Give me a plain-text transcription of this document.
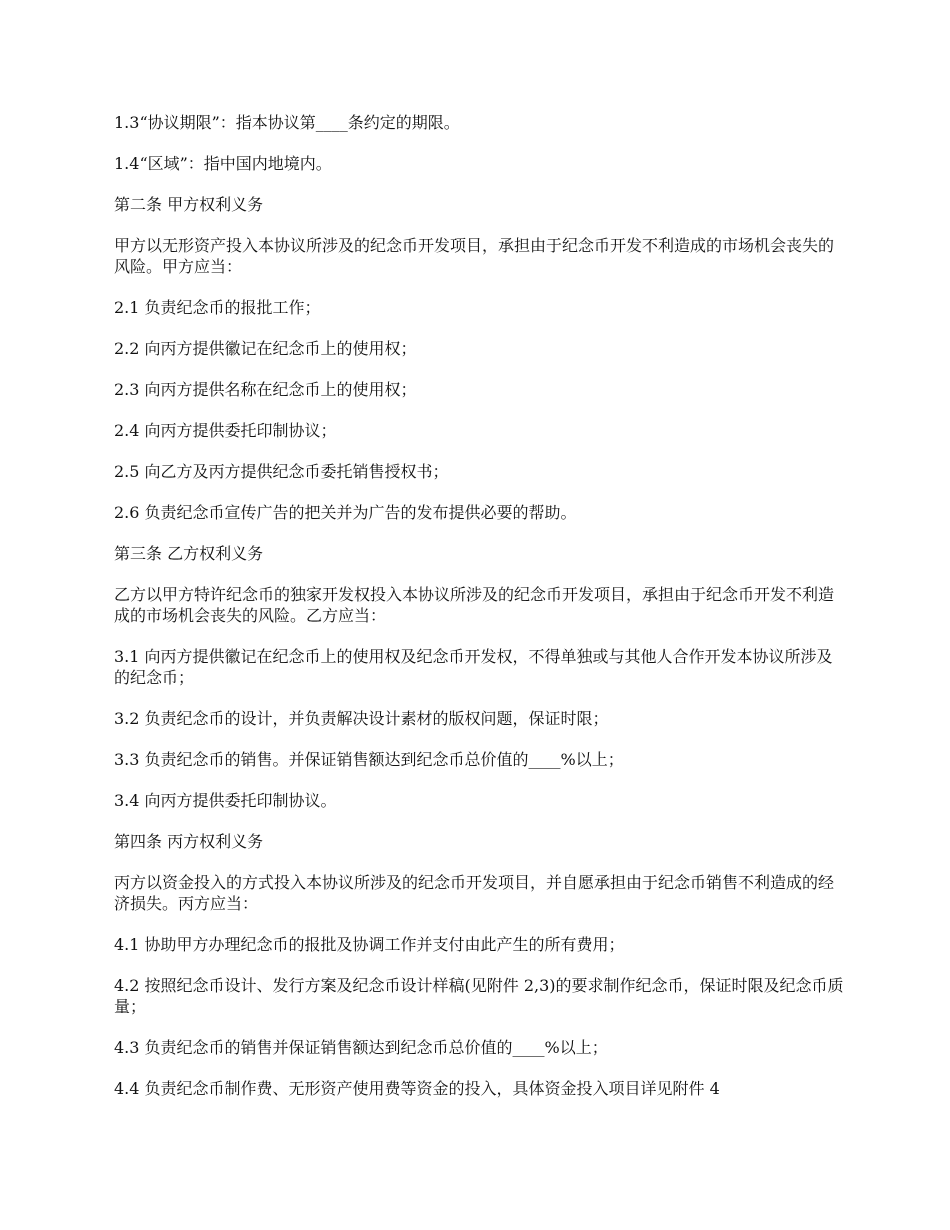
1.3“协议期限”：指本协议第____条约定的期限。

1.4“区域”：指中国内地境内。

第二条 甲方权利义务

甲方以无形资产投入本协议所涉及的纪念币开发项目，承担由于纪念币开发不利造成的市场机会丧失的风险。甲方应当：

2.1 负责纪念币的报批工作；

2.2 向丙方提供徽记在纪念币上的使用权；

2.3 向丙方提供名称在纪念币上的使用权；

2.4 向丙方提供委托印制协议；

2.5 向乙方及丙方提供纪念币委托销售授权书；

2.6 负责纪念币宣传广告的把关并为广告的发布提供必要的帮助。

第三条 乙方权利义务

乙方以甲方特许纪念币的独家开发权投入本协议所涉及的纪念币开发项目，承担由于纪念币开发不利造成的市场机会丧失的风险。乙方应当：

3.1 向丙方提供徽记在纪念币上的使用权及纪念币开发权，不得单独或与其他人合作开发本协议所涉及的纪念币；

3.2 负责纪念币的设计，并负责解决设计素材的版权问题，保证时限；

3.3 负责纪念币的销售。并保证销售额达到纪念币总价值的____%以上；

3.4 向丙方提供委托印制协议。

第四条 丙方权利义务

丙方以资金投入的方式投入本协议所涉及的纪念币开发项目，并自愿承担由于纪念币销售不利造成的经济损失。丙方应当：

4.1 协助甲方办理纪念币的报批及协调工作并支付由此产生的所有费用；

4.2 按照纪念币设计、发行方案及纪念币设计样稿(见附件 2,3)的要求制作纪念币，保证时限及纪念币质量；

4.3 负责纪念币的销售并保证销售额达到纪念币总价值的____%以上；

4.4 负责纪念币制作费、无形资产使用费等资金的投入，具体资金投入项目详见附件 4
